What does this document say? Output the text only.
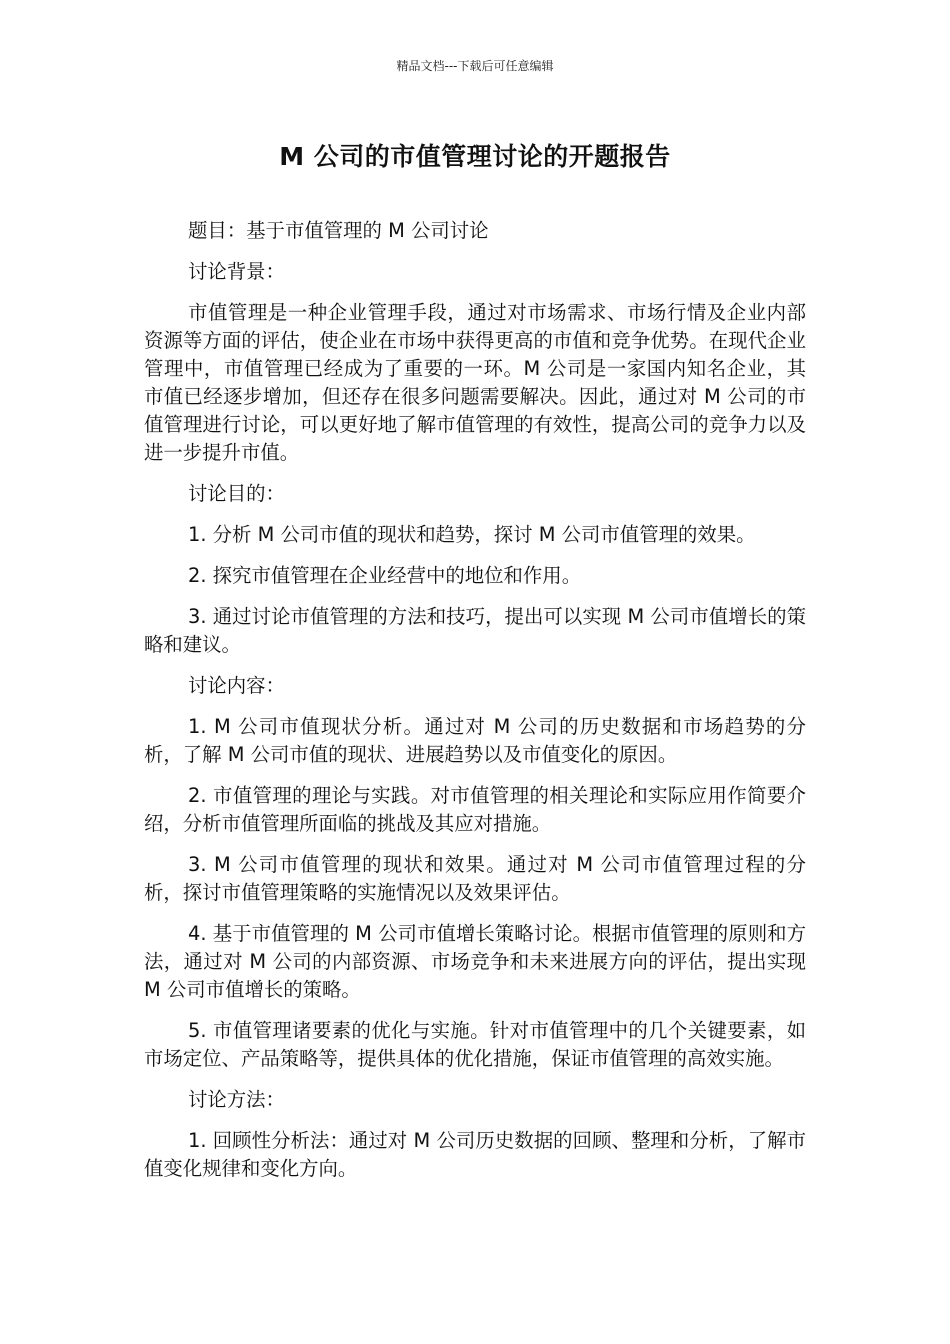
精品文档---下载后可任意编辑
M 公司的市值管理讨论的开题报告

题目：基于市值管理的 M 公司讨论

讨论背景：

市值管理是一种企业管理手段，通过对市场需求、市场行情及企业内部资源等方面的评估，使企业在市场中获得更高的市值和竞争优势。在现代企业管理中，市值管理已经成为了重要的一环。M 公司是一家国内知名企业，其市值已经逐步增加，但还存在很多问题需要解决。因此，通过对 M 公司的市值管理进行讨论，可以更好地了解市值管理的有效性，提高公司的竞争力以及进一步提升市值。

讨论目的：

1. 分析 M 公司市值的现状和趋势，探讨 M 公司市值管理的效果。

2. 探究市值管理在企业经营中的地位和作用。

3. 通过讨论市值管理的方法和技巧，提出可以实现 M 公司市值增长的策略和建议。

讨论内容：

1. M 公司市值现状分析。通过对 M 公司的历史数据和市场趋势的分析，了解 M 公司市值的现状、进展趋势以及市值变化的原因。

2. 市值管理的理论与实践。对市值管理的相关理论和实际应用作简要介绍，分析市值管理所面临的挑战及其应对措施。

3. M 公司市值管理的现状和效果。通过对 M 公司市值管理过程的分析，探讨市值管理策略的实施情况以及效果评估。

4. 基于市值管理的 M 公司市值增长策略讨论。根据市值管理的原则和方法，通过对 M 公司的内部资源、市场竞争和未来进展方向的评估，提出实现 M 公司市值增长的策略。

5. 市值管理诸要素的优化与实施。针对市值管理中的几个关键要素，如市场定位、产品策略等，提供具体的优化措施，保证市值管理的高效实施。

讨论方法：

1. 回顾性分析法：通过对 M 公司历史数据的回顾、整理和分析，了解市值变化规律和变化方向。
